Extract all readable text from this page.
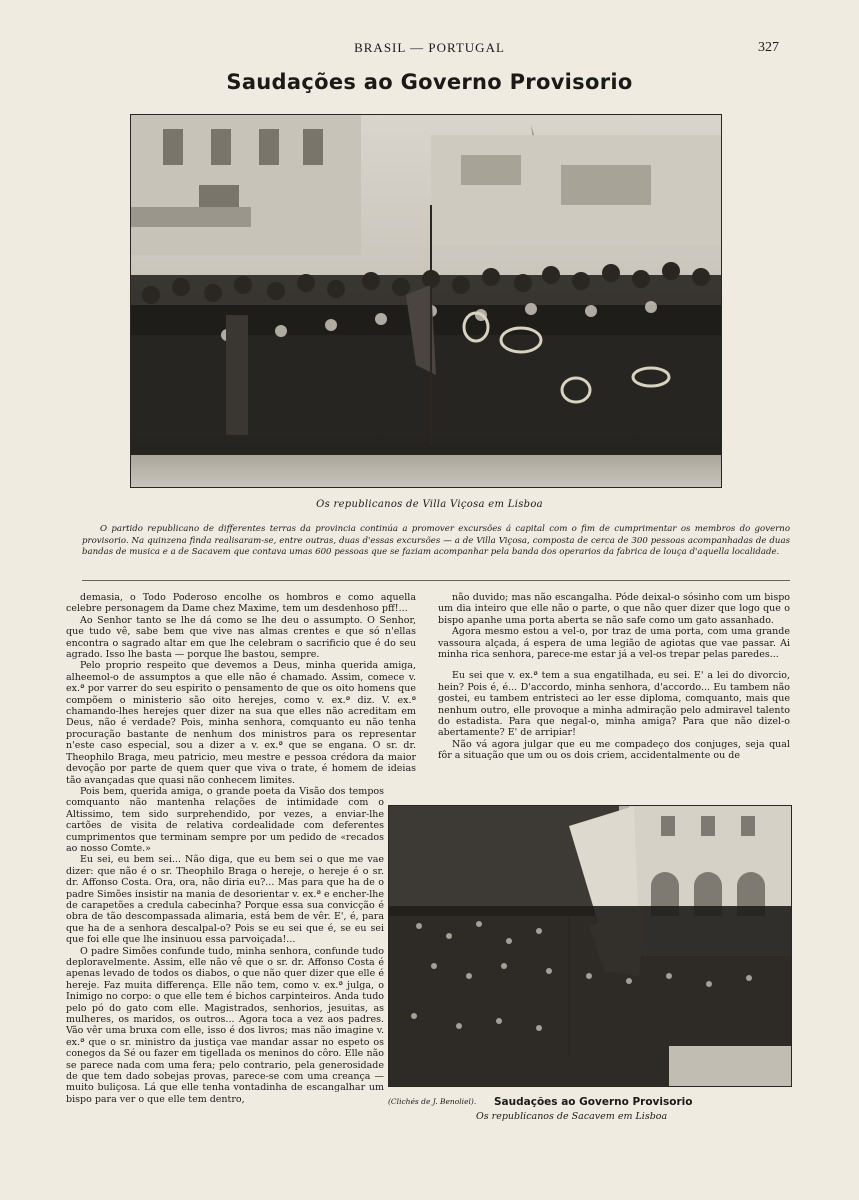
BRASIL — PORTUGAL	327
Saudações ao Governo Provisorio
Os republicanos de Villa Viçosa em Lisboa
O partido republicano de differentes terras da provincia continúa a promover excursões á capital com o fim de cumprimentar os membros do governo provisorio. Na quinzena finda realisaram-se, entre outras, duas d'essas excursões — a de Villa Viçosa, composta de cerca de 300 pessoas acompanhadas de duas bandas de musica e a de Sacavem que contava umas 600 pessoas que se faziam acompanhar pela banda dos operarios da fabrica de louça d'aquella localidade.

demasia, o Todo Poderoso encolhe os hombros e como aquella celebre personagem da Dame chez Maxime, tem um desdenhoso pff!...

Ao Senhor tanto se lhe dá como se lhe deu o assumpto. O Senhor, que tudo vê, sabe bem que vive nas almas crentes e que só n'ellas encontra o sagrado altar em que lhe celebram o sacrificio que é do seu agrado. Isso lhe basta — porque lhe bastou, sempre.

Pelo proprio respeito que devemos a Deus, minha querida amiga, alheemol-o de assumptos a que elle não é chamado. Assim, comece v. ex.ª por varrer do seu espirito o pensamento de que os oito homens que compõem o ministerio são oito herejes, como v. ex.ª diz. V. ex.ª chamando-lhes herejes quer dizer na sua que elles não acreditam em Deus, não é verdade? Pois, minha senhora, comquanto eu não tenha procuração bastante de nenhum dos ministros para os representar n'este caso especial, sou a dizer a v. ex.ª que se engana. O sr. dr. Theophilo Braga, meu patricio, meu mestre e pessoa crédora da maior devoção por parte de quem quer que viva o trate, é homem de ideias tão avançadas que quasi não conhecem limites.

Pois bem, querida amiga, o grande poeta da Visão dos tempos comquanto não mantenha relações de intimidade com o Altissimo, tem sido surprehendido, por vezes, a enviar-lhe cartões de visita de relativa cordealidade com deferentes cumprimentos que terminam sempre por um pedido de «recados ao nosso Comte.»

Eu sei, eu bem sei... Não diga, que eu bem sei o que me vae dizer: que não é o sr. Theophilo Braga o hereje, o hereje é o sr. dr. Affonso Costa. Ora, ora, não diria eu?... Mas para que ha de o padre Simões insistir na mania de desorientar v. ex.ª e encher-lhe de carapetões a credula cabecinha? Porque essa sua convicção é obra de tão descompassada alimaria, está bem de vêr. E', é, para que ha de a senhora descalpal-o? Pois se eu sei que é, se eu sei que foi elle que lhe insinuou essa parvoiçada!...

O padre Simões confunde tudo, minha senhora, confunde tudo deploravelmente. Assim, elle não vê que o sr. dr. Affonso Costa é apenas levado de todos os diabos, o que não quer dizer que elle é hereje. Faz muita differença. Elle não tem, como v. ex.ª julga, o Inimigo no corpo: o que elle tem é bichos carpinteiros. Anda tudo pelo pó do gato com elle. Magistrados, senhorios, jesuitas, as mulheres, os maridos, os outros... Agora toca a vez aos padres. Vão vêr uma bruxa com elle, isso é dos livros; mas não imagine v. ex.ª que o sr. ministro da justiça vae mandar assar no espeto os conegos da Sé ou fazer em tigellada os meninos do côro. Elle não se parece nada com uma fera; pelo contrario, pela generosidade de que tem dado sobejas provas, parece-se com uma creança — muito buliçosa. Lá que elle tenha vontadinha de escangalhar um bispo para ver o que elle tem dentro,

não duvido; mas não escangalha. Póde deixal-o sósinho com um bispo um dia inteiro que elle não o parte, o que não quer dizer que logo que o bispo apanhe uma porta aberta se não safe como um gato assanhado.

Agora mesmo estou a vel-o, por traz de uma porta, com uma grande vassoura alçada, á espera de uma legião de agiotas que vae passar. Ai minha rica senhora, parece-me estar já a vel-os trepar pelas paredes...

Eu sei que v. ex.ª tem a sua engatilhada, eu sei. E' a lei do divorcio, hein? Pois é, é... D'accordo, minha senhora, d'accordo... Eu tambem não gostei, eu tambem entristeci ao ler esse diploma, comquanto, mais que nenhum outro, elle provoque a minha admiração pelo admiravel talento do estadista. Para que negal-o, minha amiga? Para que não dizel-o abertamente? E' de arripiar!

Não vá agora julgar que eu me compadeço dos conjuges, seja qual fôr a situação que um ou os dois criem, accidentalmente ou de

(Clichés de J. Benoliel). Saudações ao Governo Provisorio
Os republicanos de Sacavem em Lisboa
